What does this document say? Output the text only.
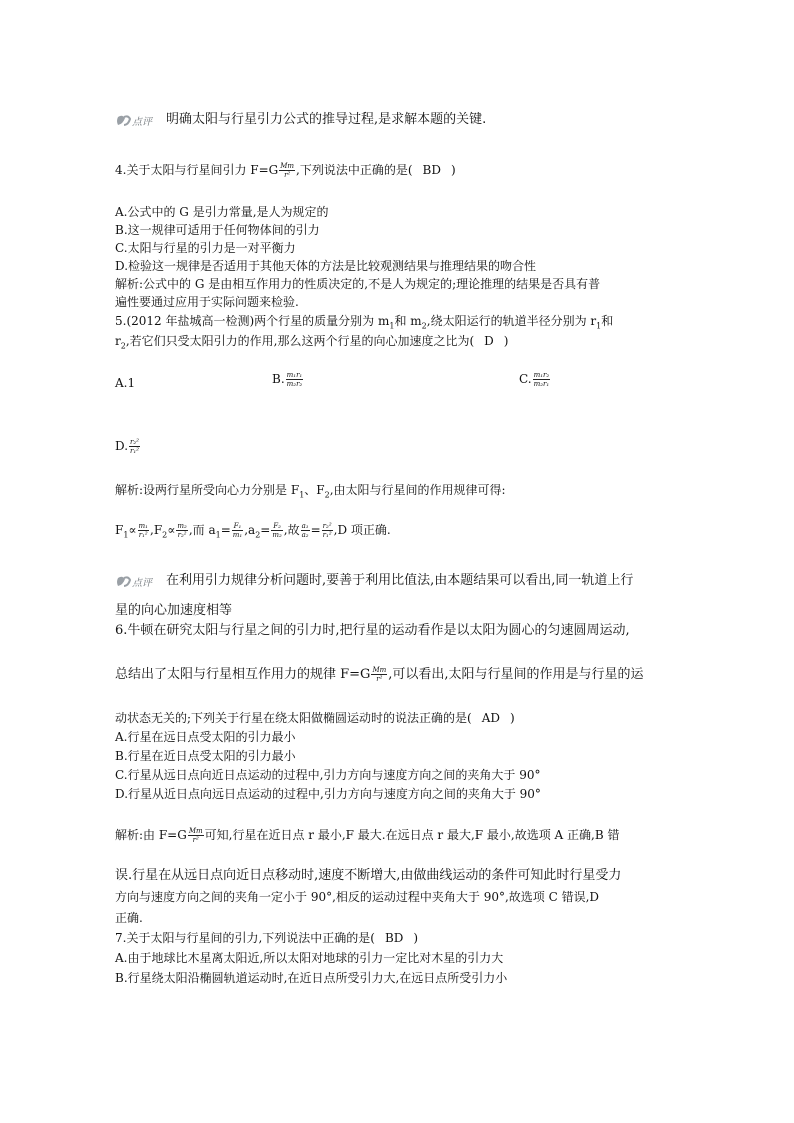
点评 明确太阳与行星引力公式的推导过程,是求解本题的关键.
4.关于太阳与行星间引力 $F=G \frac{Mm}{\text{r²}}$ ,下列说法中正确的是( BD )
A.公式中的 G 是引力常量,是人为规定的
B.这一规律可适用于任何物体间的引力
C.太阳与行星的引力是一对平衡力
D.检验这一规律是否适用于其他天体的方法是比较观测结果与推理结果的吻合性
解析:公式中的 G 是由相互作用力的性质决定的,不是人为规定的;理论推理的结果是否具有普
遍性要通过应用于实际问题来检验.
5.(2012 年盐城高一检测)两个行星的质量分别为 $m_1$和 $m_2$,绕太阳运行的轨道半径分别为 $r_1$和
$r_2$,若它们只受太阳引力的作用,那么这两个行星的向心加速度之比为( D )
A.1	B. $\frac{\text{m₁r₁}}{\text{m₂r₂}}$	C. $\frac{\text{m₁r₂}}{\text{m₂r₁}}$
D. $\frac{\text{r₂²}}{\text{r₁²}}$
解析:设两行星所受向心力分别是 $F_1$、$F_2$,由太阳与行星间的作用规律可得:
$F_1\propto \frac{\text{m₁}}{\text{r₁²}} ,F_2\propto \frac{\text{m₂}}{\text{r₂²}}$ ,而 $a_1= \frac{\text{F₁}}{\text{m₁}} ,a_2= \frac{\text{F₂}}{\text{m₂}}$ ,故 $\frac{\text{a₁}}{\text{a₂}} = \frac{\text{r₂²}}{\text{r₁²}} ,D$ 项正确.
点评 在利用引力规律分析问题时,要善于利用比值法,由本题结果可以看出,同一轨道上行
星的向心加速度相等
6.牛顿在研究太阳与行星之间的引力时,把行星的运动看作是以太阳为圆心的匀速圆周运动,
总结出了太阳与行星相互作用力的规律 $F=G \frac{Mm}{\text{r²}}$ ,可以看出,太阳与行星间的作用是与行星的运
动状态无关的;下列关于行星在绕太阳做椭圆运动时的说法正确的是( AD )
A.行星在远日点受太阳的引力最小
B.行星在近日点受太阳的引力最小
C.行星从远日点向近日点运动的过程中,引力方向与速度方向之间的夹角大于 90°
D.行星从近日点向远日点运动的过程中,引力方向与速度方向之间的夹角大于 90°
解析:由 $F=G \frac{Mm}{\text{r²}}$ 可知,行星在近日点 r 最小,F 最大.在远日点 r 最大,F 最小,故选项 A 正确,B 错
误.行星在从远日点向近日点移动时,速度不断增大,由做曲线运动的条件可知此时行星受力
方向与速度方向之间的夹角一定小于 90°,相反的运动过程中夹角大于 90°,故选项 C 错误,D
正确.
7.关于太阳与行星间的引力,下列说法中正确的是( BD )
A.由于地球比木星离太阳近,所以太阳对地球的引力一定比对木星的引力大
B.行星绕太阳沿椭圆轨道运动时,在近日点所受引力大,在远日点所受引力小
